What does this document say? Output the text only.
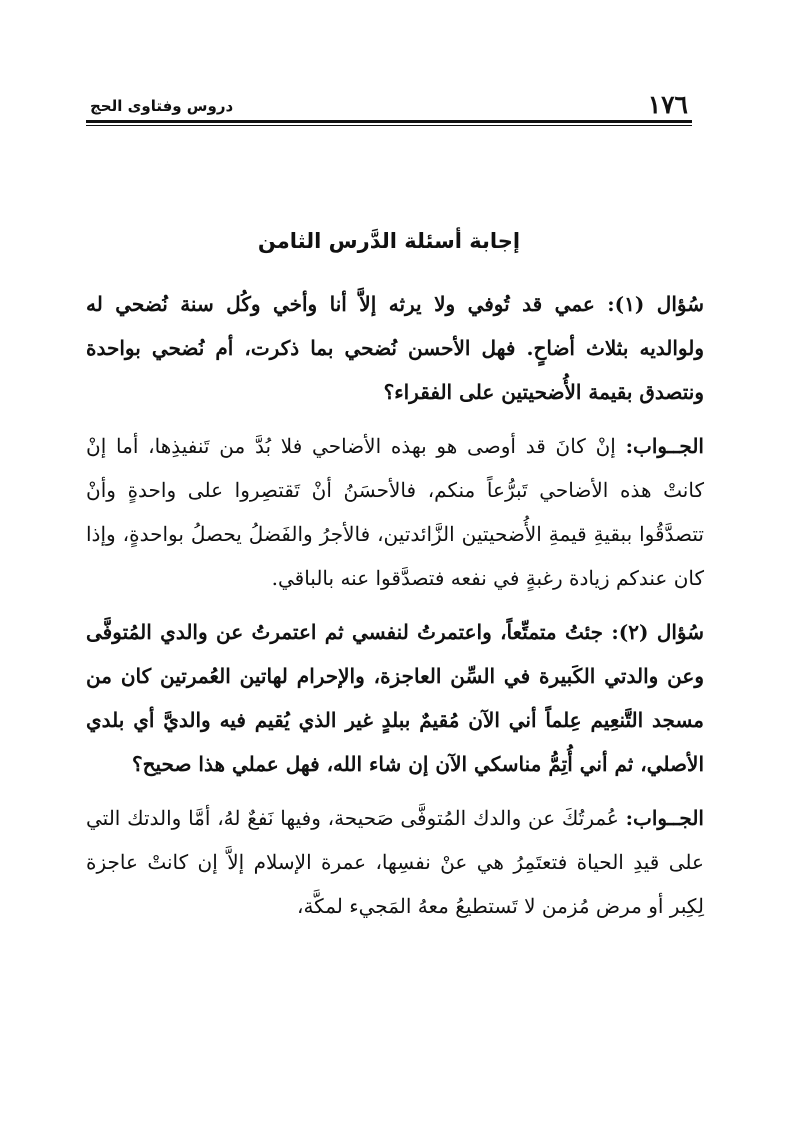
١٧٦
دروس وفتاوى الحج
إجابة أسئلة الدَّرس الثامن

سُؤال (١): عمي قد تُوفي ولا يرثه إلاَّ أنا وأخي وكُل سنة نُضحي له ولوالديه بثلاث أضاحٍ. فهل الأحسن نُضحي بما ذكرت، أم نُضحي بواحدة ونتصدق بقيمة الأُضحيتين على الفقراء؟

الجــواب: إنْ كانَ قد أوصى هو بهذه الأضاحي فلا بُدَّ من تَنفيذِها، أما إنْ كانتْ هذه الأضاحي تَبرُّعاً منكم، فالأحسَنُ أنْ تَقتصِروا على واحدةٍ وأنْ تتصدَّقُوا ببقيةِ قيمةِ الأُضحيتين الزَّائدتين، فالأجرُ والفَضلُ يحصلُ بواحدةٍ، وإذا كان عندكم زيادة رغبةٍ في نفعه فتصدَّقوا عنه بالباقي.

سُؤال (٢): جئتُ متمتِّعاً، واعتمرتُ لنفسي ثم اعتمرتُ عن والدي المُتوفَّى وعن والدتي الكَبيرة في السِّن العاجزة، والإحرام لهاتين العُمرتين كان من مسجد التَّنعِيم عِلماً أني الآن مُقيمٌ ببلدٍ غير الذي يُقيم فيه والديَّ أي بلدي الأصلي، ثم أني أُتِمُّ مناسكي الآن إن شاء الله، فهل عملي هذا صحيح؟

الجــواب: عُمرتُكَ عن والدك المُتوفَّى صَحيحة، وفيها نَفعٌ لهُ، أمَّا والدتك التي على قيدِ الحياة فتعتَمِرُ هي عنْ نفسِها، عمرة الإسلام إلاَّ إن كانتْ عاجزة لِكِبر أو مرض مُزمن لا تَستطيعُ معهُ المَجيء لمكَّة،
